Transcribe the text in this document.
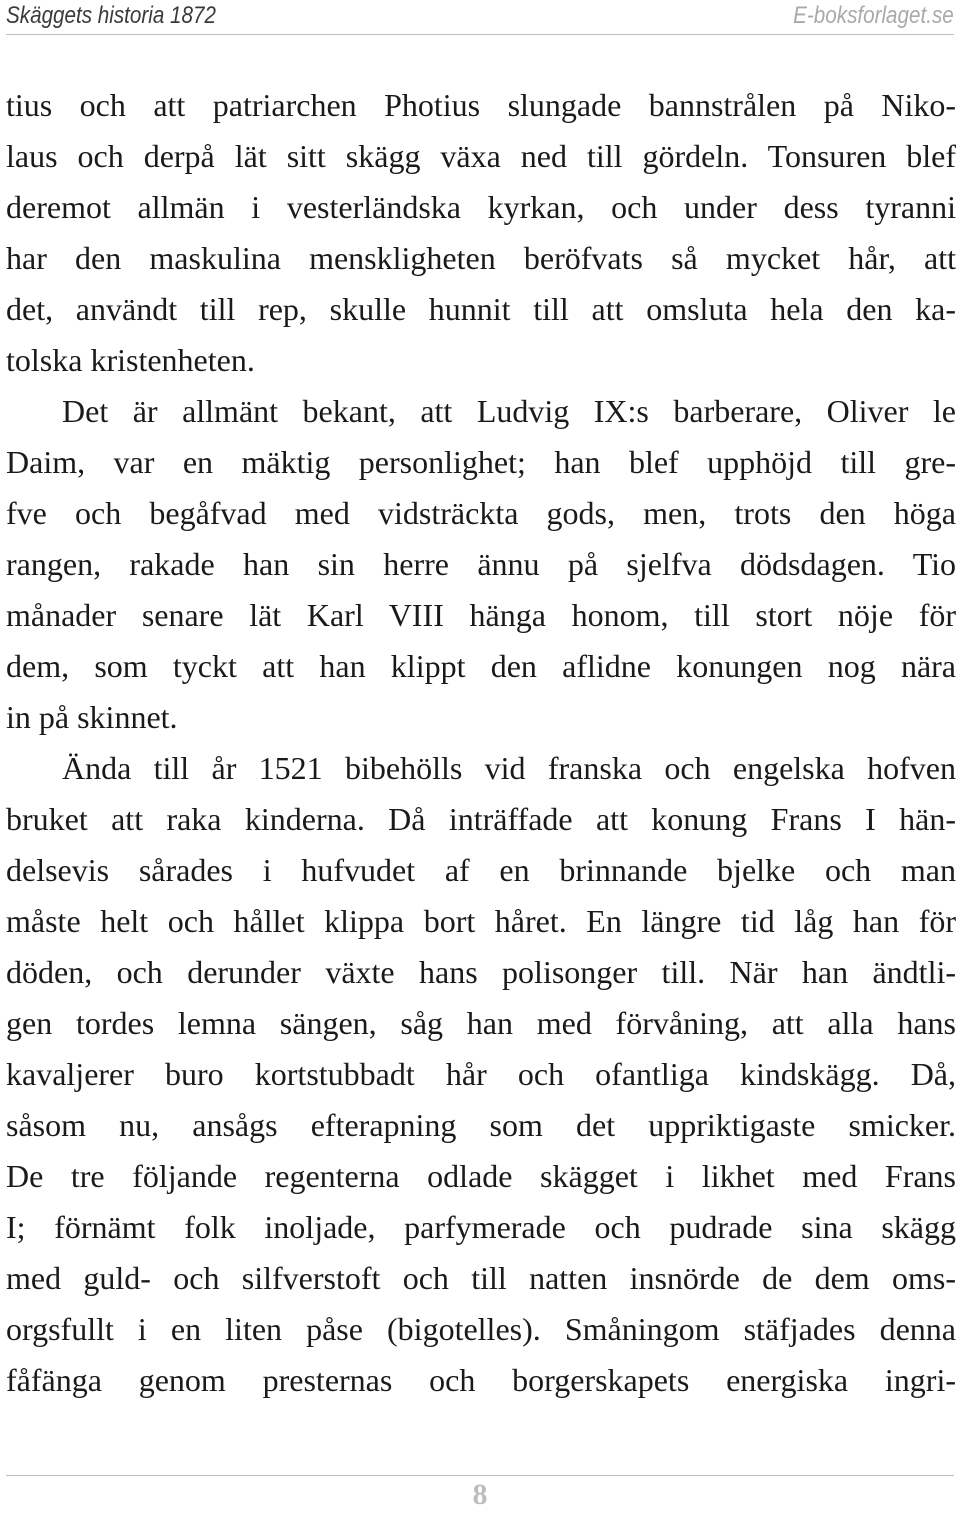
Skäggets historia 1872	E-boksforlaget.se
tius och att patriarchen Photius slungade bannstrålen på Niko-
laus och derpå lät sitt skägg växa ned till gördeln. Tonsuren blef
deremot allmän i vesterländska kyrkan, och under dess tyranni
har den maskulina menskligheten beröfvats så mycket hår, att
det, användt till rep, skulle hunnit till att omsluta hela den ka-
tolska kristenheten.
Det är allmänt bekant, att Ludvig IX:s barberare, Oliver le
Daim, var en mäktig personlighet; han blef upphöjd till gre-
fve och begåfvad med vidsträckta gods, men, trots den höga
rangen, rakade han sin herre ännu på sjelfva dödsdagen. Tio
månader senare lät Karl VIII hänga honom, till stort nöje för
dem, som tyckt att han klippt den aflidne konungen nog nära
in på skinnet.
Ända till år 1521 bibehölls vid franska och engelska hofven
bruket att raka kinderna. Då inträffade att konung Frans I hän-
delsevis sårades i hufvudet af en brinnande bjelke och man
måste helt och hållet klippa bort håret. En längre tid låg han för
döden, och derunder växte hans polisonger till. När han ändtli-
gen tordes lemna sängen, såg han med förvåning, att alla hans
kavaljerer buro kortstubbadt hår och ofantliga kindskägg. Då,
såsom nu, ansågs efterapning som det uppriktigaste smicker.
De tre följande regenterna odlade skägget i likhet med Frans
I; förnämt folk inoljade, parfymerade och pudrade sina skägg
med guld- och silfverstoft och till natten insnörde de dem oms-
orgsfullt i en liten påse (bigotelles). Småningom stäfjades denna
fåfänga genom presternas och borgerskapets energiska ingri-
8
